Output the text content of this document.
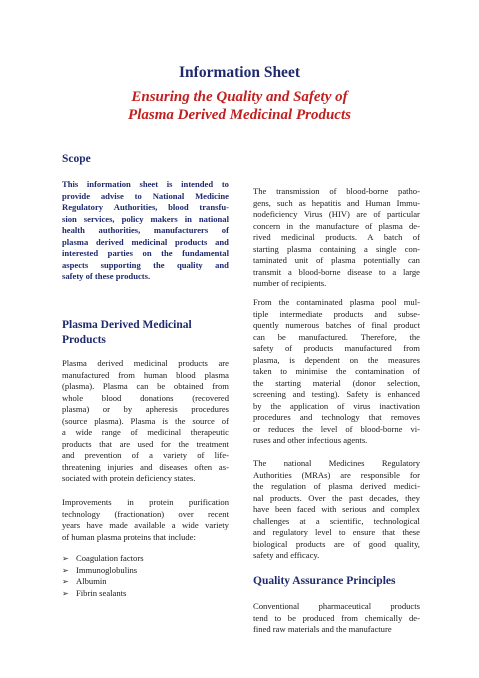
Information Sheet
Ensuring the Quality and Safety of
Plasma Derived Medicinal Products
Scope
This information sheet is intended to
provide advise to National Medicine
Regulatory Authorities, blood transfu-
sion services, policy makers in national
health authorities, manufacturers of
plasma derived medicinal products and
interested parties on the fundamental
aspects supporting the quality and
safety of these products.
Plasma Derived Medicinal
Products
Plasma derived medicinal products are
manufactured from human blood plasma
(plasma). Plasma can be obtained from
whole blood donations (recovered
plasma) or by apheresis procedures
(source plasma). Plasma is the source of
a wide range of medicinal therapeutic
products that are used for the treatment
and prevention of a variety of life-
threatening injuries and diseases often as-
sociated with protein deficiency states.
Improvements in protein purification
technology (fractionation) over recent
years have made available a wide variety
of human plasma proteins that include:
➢ Coagulation factors
➢ Immunoglobulins
➢ Albumin
➢ Fibrin sealants
The transmission of blood-borne patho-
gens, such as hepatitis and Human Immu-
nodeficiency Virus (HIV) are of particular
concern in the manufacture of plasma de-
rived medicinal products. A batch of
starting plasma containing a single con-
taminated unit of plasma potentially can
transmit a blood-borne disease to a large
number of recipients.
From the contaminated plasma pool mul-
tiple intermediate products and subse-
quently numerous batches of final product
can be manufactured. Therefore, the
safety of products manufactured from
plasma, is dependent on the measures
taken to minimise the contamination of
the starting material (donor selection,
screening and testing). Safety is enhanced
by the application of virus inactivation
procedures and technology that removes
or reduces the level of blood-borne vi-
ruses and other infectious agents.
The national Medicines Regulatory
Authorities (MRAs) are responsible for
the regulation of plasma derived medici-
nal products. Over the past decades, they
have been faced with serious and complex
challenges at a scientific, technological
and regulatory level to ensure that these
biological products are of good quality,
safety and efficacy.
Quality Assurance Principles
Conventional pharmaceutical products
tend to be produced from chemically de-
fined raw materials and the manufacture
